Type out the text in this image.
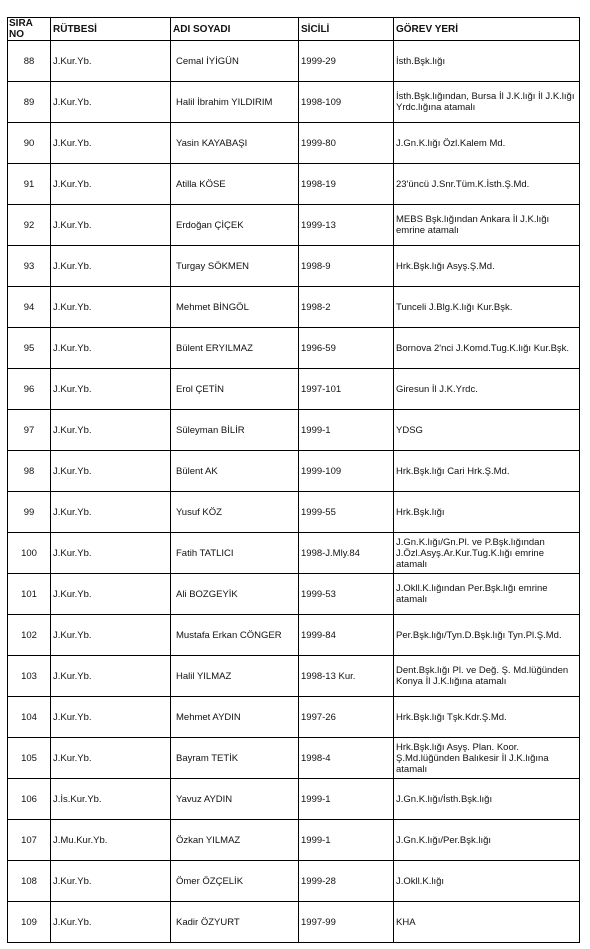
SIRA NO	RÜTBESİ	ADI SOYADI	SİCİLİ	GÖREV YERİ
88	J.Kur.Yb.	Cemal İYİGÜN	1999-29	İsth.Bşk.lığı
89	J.Kur.Yb.	Halil İbrahim YILDIRIM	1998-109	İsth.Bşk.lığından, Bursa İl J.K.lığı İl J.K.lığı Yrdc.lığına atamalı
90	J.Kur.Yb.	Yasin KAYABAŞI	1999-80	J.Gn.K.lığı Özl.Kalem Md.
91	J.Kur.Yb.	Atilla KÖSE	1998-19	23'üncü J.Snr.Tüm.K.İsth.Ş.Md.
92	J.Kur.Yb.	Erdoğan ÇİÇEK	1999-13	MEBS Bşk.lığından Ankara İl J.K.lığı emrine atamalı
93	J.Kur.Yb.	Turgay SÖKMEN	1998-9	Hrk.Bşk.lığı Asyş.Ş.Md.
94	J.Kur.Yb.	Mehmet BİNGÖL	1998-2	Tunceli J.Blg.K.lığı Kur.Bşk.
95	J.Kur.Yb.	Bülent ERYILMAZ	1996-59	Bornova 2'nci J.Komd.Tug.K.lığı Kur.Bşk.
96	J.Kur.Yb.	Erol ÇETİN	1997-101	Giresun İl J.K.Yrdc.
97	J.Kur.Yb.	Süleyman BİLİR	1999-1	YDSG
98	J.Kur.Yb.	Bülent AK	1999-109	Hrk.Bşk.lığı Cari Hrk.Ş.Md.
99	J.Kur.Yb.	Yusuf KÖZ	1999-55	Hrk.Bşk.lığı
100	J.Kur.Yb.	Fatih TATLICI	1998-J.Mly.84	J.Gn.K.lığı/Gn.Pl. ve P.Bşk.lığından J.Özl.Asyş.Ar.Kur.Tug.K.lığı emrine atamalı
101	J.Kur.Yb.	Ali BOZGEYİK	1999-53	J.Okll.K.lığından Per.Bşk.lığı emrine atamalı
102	J.Kur.Yb.	Mustafa Erkan CÖNGER	1999-84	Per.Bşk.lığı/Tyn.D.Bşk.lığı Tyn.Pl.Ş.Md.
103	J.Kur.Yb.	Halil YILMAZ	1998-13 Kur.	Dent.Bşk.lığı Pl. ve Değ. Ş. Md.lüğünden Konya İl J.K.lığına atamalı
104	J.Kur.Yb.	Mehmet AYDIN	1997-26	Hrk.Bşk.lığı Tşk.Kdr.Ş.Md.
105	J.Kur.Yb.	Bayram TETİK	1998-4	Hrk.Bşk.lığı Asyş. Plan. Koor. Ş.Md.lüğünden Balıkesir İl J.K.lığına atamalı
106	J.İs.Kur.Yb.	Yavuz AYDIN	1999-1	J.Gn.K.lığı/İsth.Bşk.lığı
107	J.Mu.Kur.Yb.	Özkan YILMAZ	1999-1	J.Gn.K.lığı/Per.Bşk.lığı
108	J.Kur.Yb.	Ömer ÖZÇELİK	1999-28	J.Okll.K.lığı
109	J.Kur.Yb.	Kadir ÖZYURT	1997-99	KHA
